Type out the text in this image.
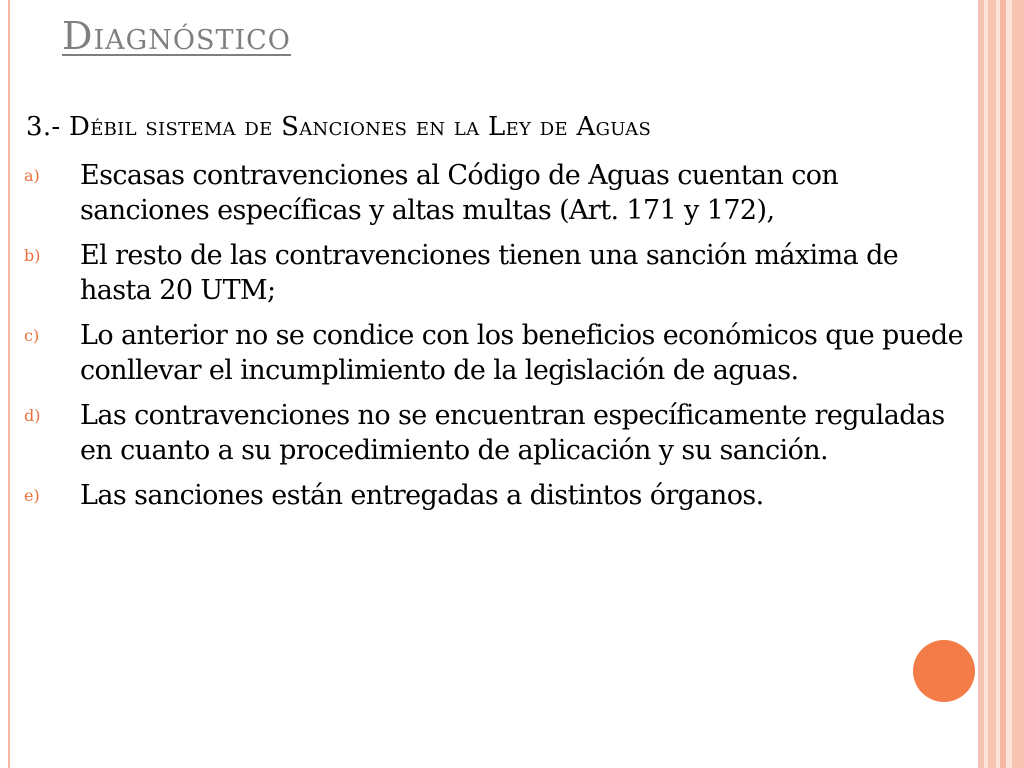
Diagnóstico
3.- Débil sistema de Sanciones en la Ley de Aguas
a) Escasas contravenciones al Código de Aguas cuentan con sanciones específicas y altas multas (Art. 171 y 172),
b) El resto de las contravenciones tienen una sanción máxima de hasta 20 UTM;
c) Lo anterior no se condice con los beneficios económicos que puede conllevar el incumplimiento de la legislación de aguas.
d) Las contravenciones no se encuentran específicamente reguladas en cuanto a su procedimiento de aplicación y su sanción.
e) Las sanciones están entregadas a distintos órganos.
